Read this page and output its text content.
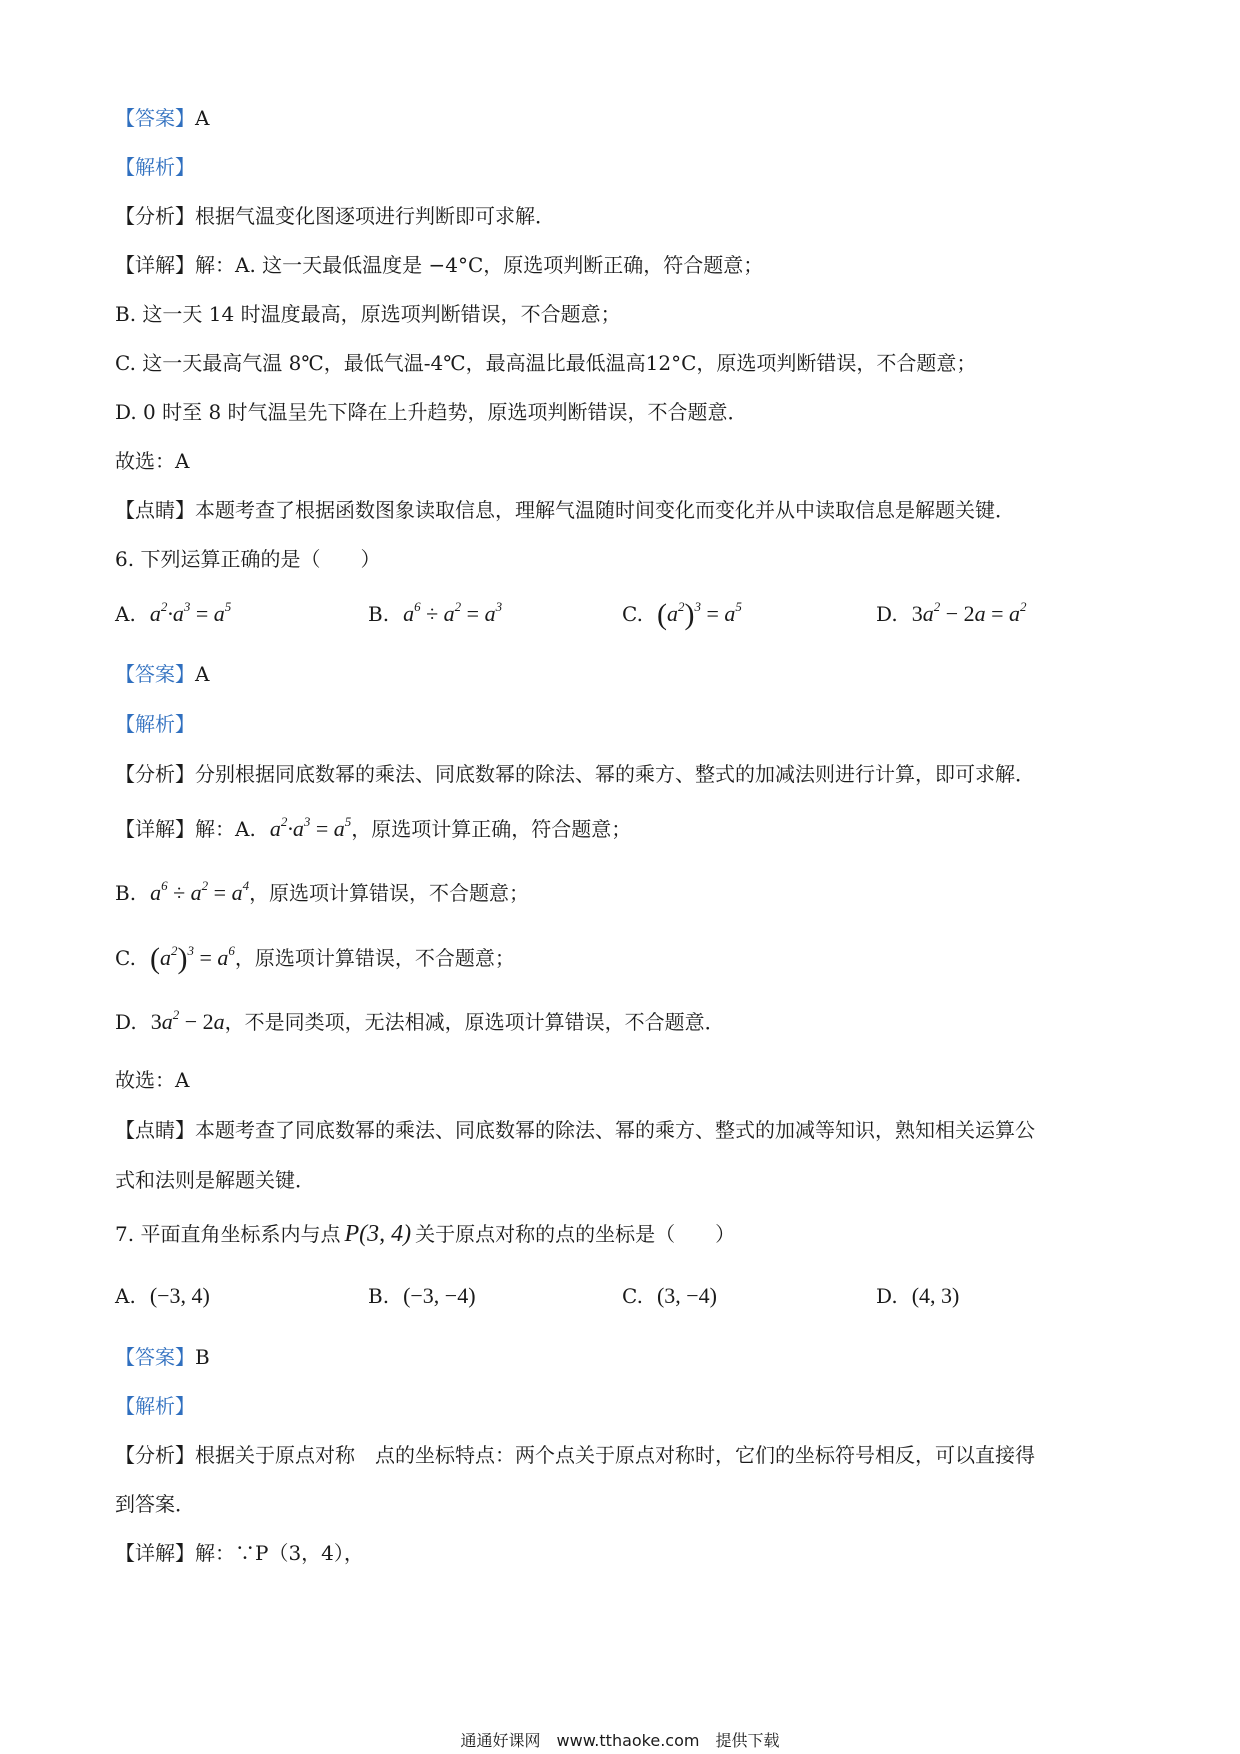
【答案】A
【解析】
【分析】根据气温变化图逐项进行判断即可求解．
【详解】解：A. 这一天最低温度是 −4°C，原选项判断正确，符合题意；
B. 这一天 14 时温度最高，原选项判断错误，不合题意；
C. 这一天最高气温 8℃，最低气温-4℃，最高温比最低温高12°C，原选项判断错误，不合题意；
D. 0 时至 8 时气温呈先下降在上升趋势，原选项判断错误，不合题意．
故选：A
【点睛】本题考查了根据函数图象读取信息，理解气温随时间变化而变化并从中读取信息是解题关键．
6. 下列运算正确的是（　　）
A. $a^2\cdot a^3 = a^5$	B. $a^6 \div a^2 = a^3$	C. $(a^2)^3 = a^5$	D. $3a^2 - 2a = a^2$
【答案】A
【解析】
【分析】分别根据同底数幂的乘法、同底数幂的除法、幂的乘方、整式的加减法则进行计算，即可求解．
【详解】解：A. $a^2\cdot a^3 = a^5$，原选项计算正确，符合题意；
B. $a^6 \div a^2 = a^4$，原选项计算错误，不合题意；
C. $(a^2)^3 = a^6$，原选项计算错误，不合题意；
D. $3a^2 - 2a$，不是同类项，无法相减，原选项计算错误，不合题意．
故选：A
【点睛】本题考查了同底数幂的乘法、同底数幂的除法、幂的乘方、整式的加减等知识，熟知相关运算公
式和法则是解题关键．
7. 平面直角坐标系内与点 P(3, 4) 关于原点对称的点的坐标是（　　）
A. (−3, 4)	B. (−3, −4)	C. (3, −4)	D. (4, 3)
【答案】B
【解析】
【分析】根据关于原点对称　点的坐标特点：两个点关于原点对称时，它们的坐标符号相反，可以直接得
到答案．
【详解】解：∵P（3，4），
通通好课网　www.tthaoke.com　提供下载
